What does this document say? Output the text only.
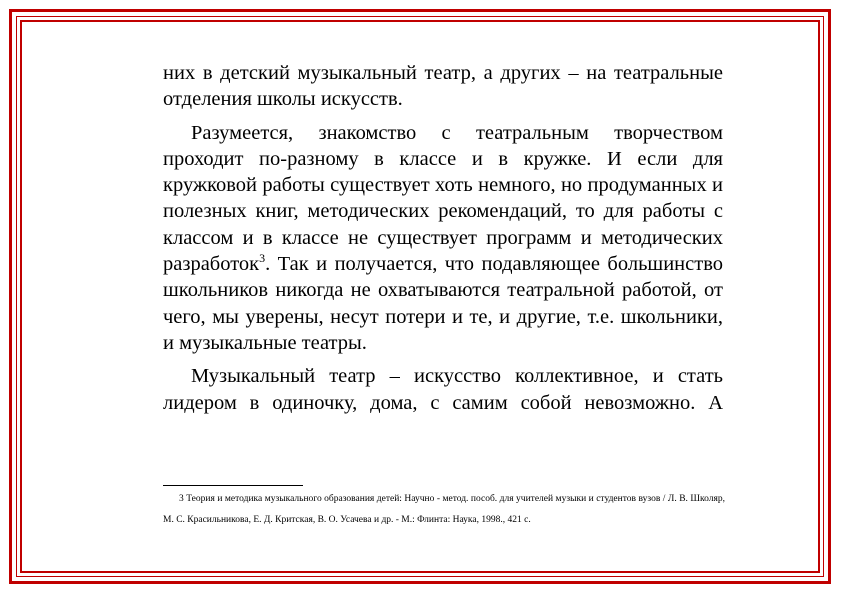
них в детский музыкальный театр, а других – на театральные отделения школы искусств.

Разумеется, знакомство с театральным творчеством проходит по-разному в классе и в кружке. И если для кружковой работы существует хоть немного, но продуманных и полезных книг, методических рекомендаций, то для работы с классом и в классе не существует программ и методических разработок$^3$. Так и получается, что подавляющее большинство школьников никогда не охватываются театральной работой, от чего, мы уверены, несут потери и те, и другие, т.е. школьники, и музыкальные театры.

Музыкальный театр – искусство коллективное, и стать лидером в одиночку, дома, с самим собой невозможно. А

3 Теория и методика музыкального образования детей: Научно - метод. пособ. для учителей музыки и студентов вузов / Л. В. Школяр, М. С. Красильникова, Е. Д. Критская, В. О. Усачева и др. - М.: Флинта: Наука, 1998., 421 с.
